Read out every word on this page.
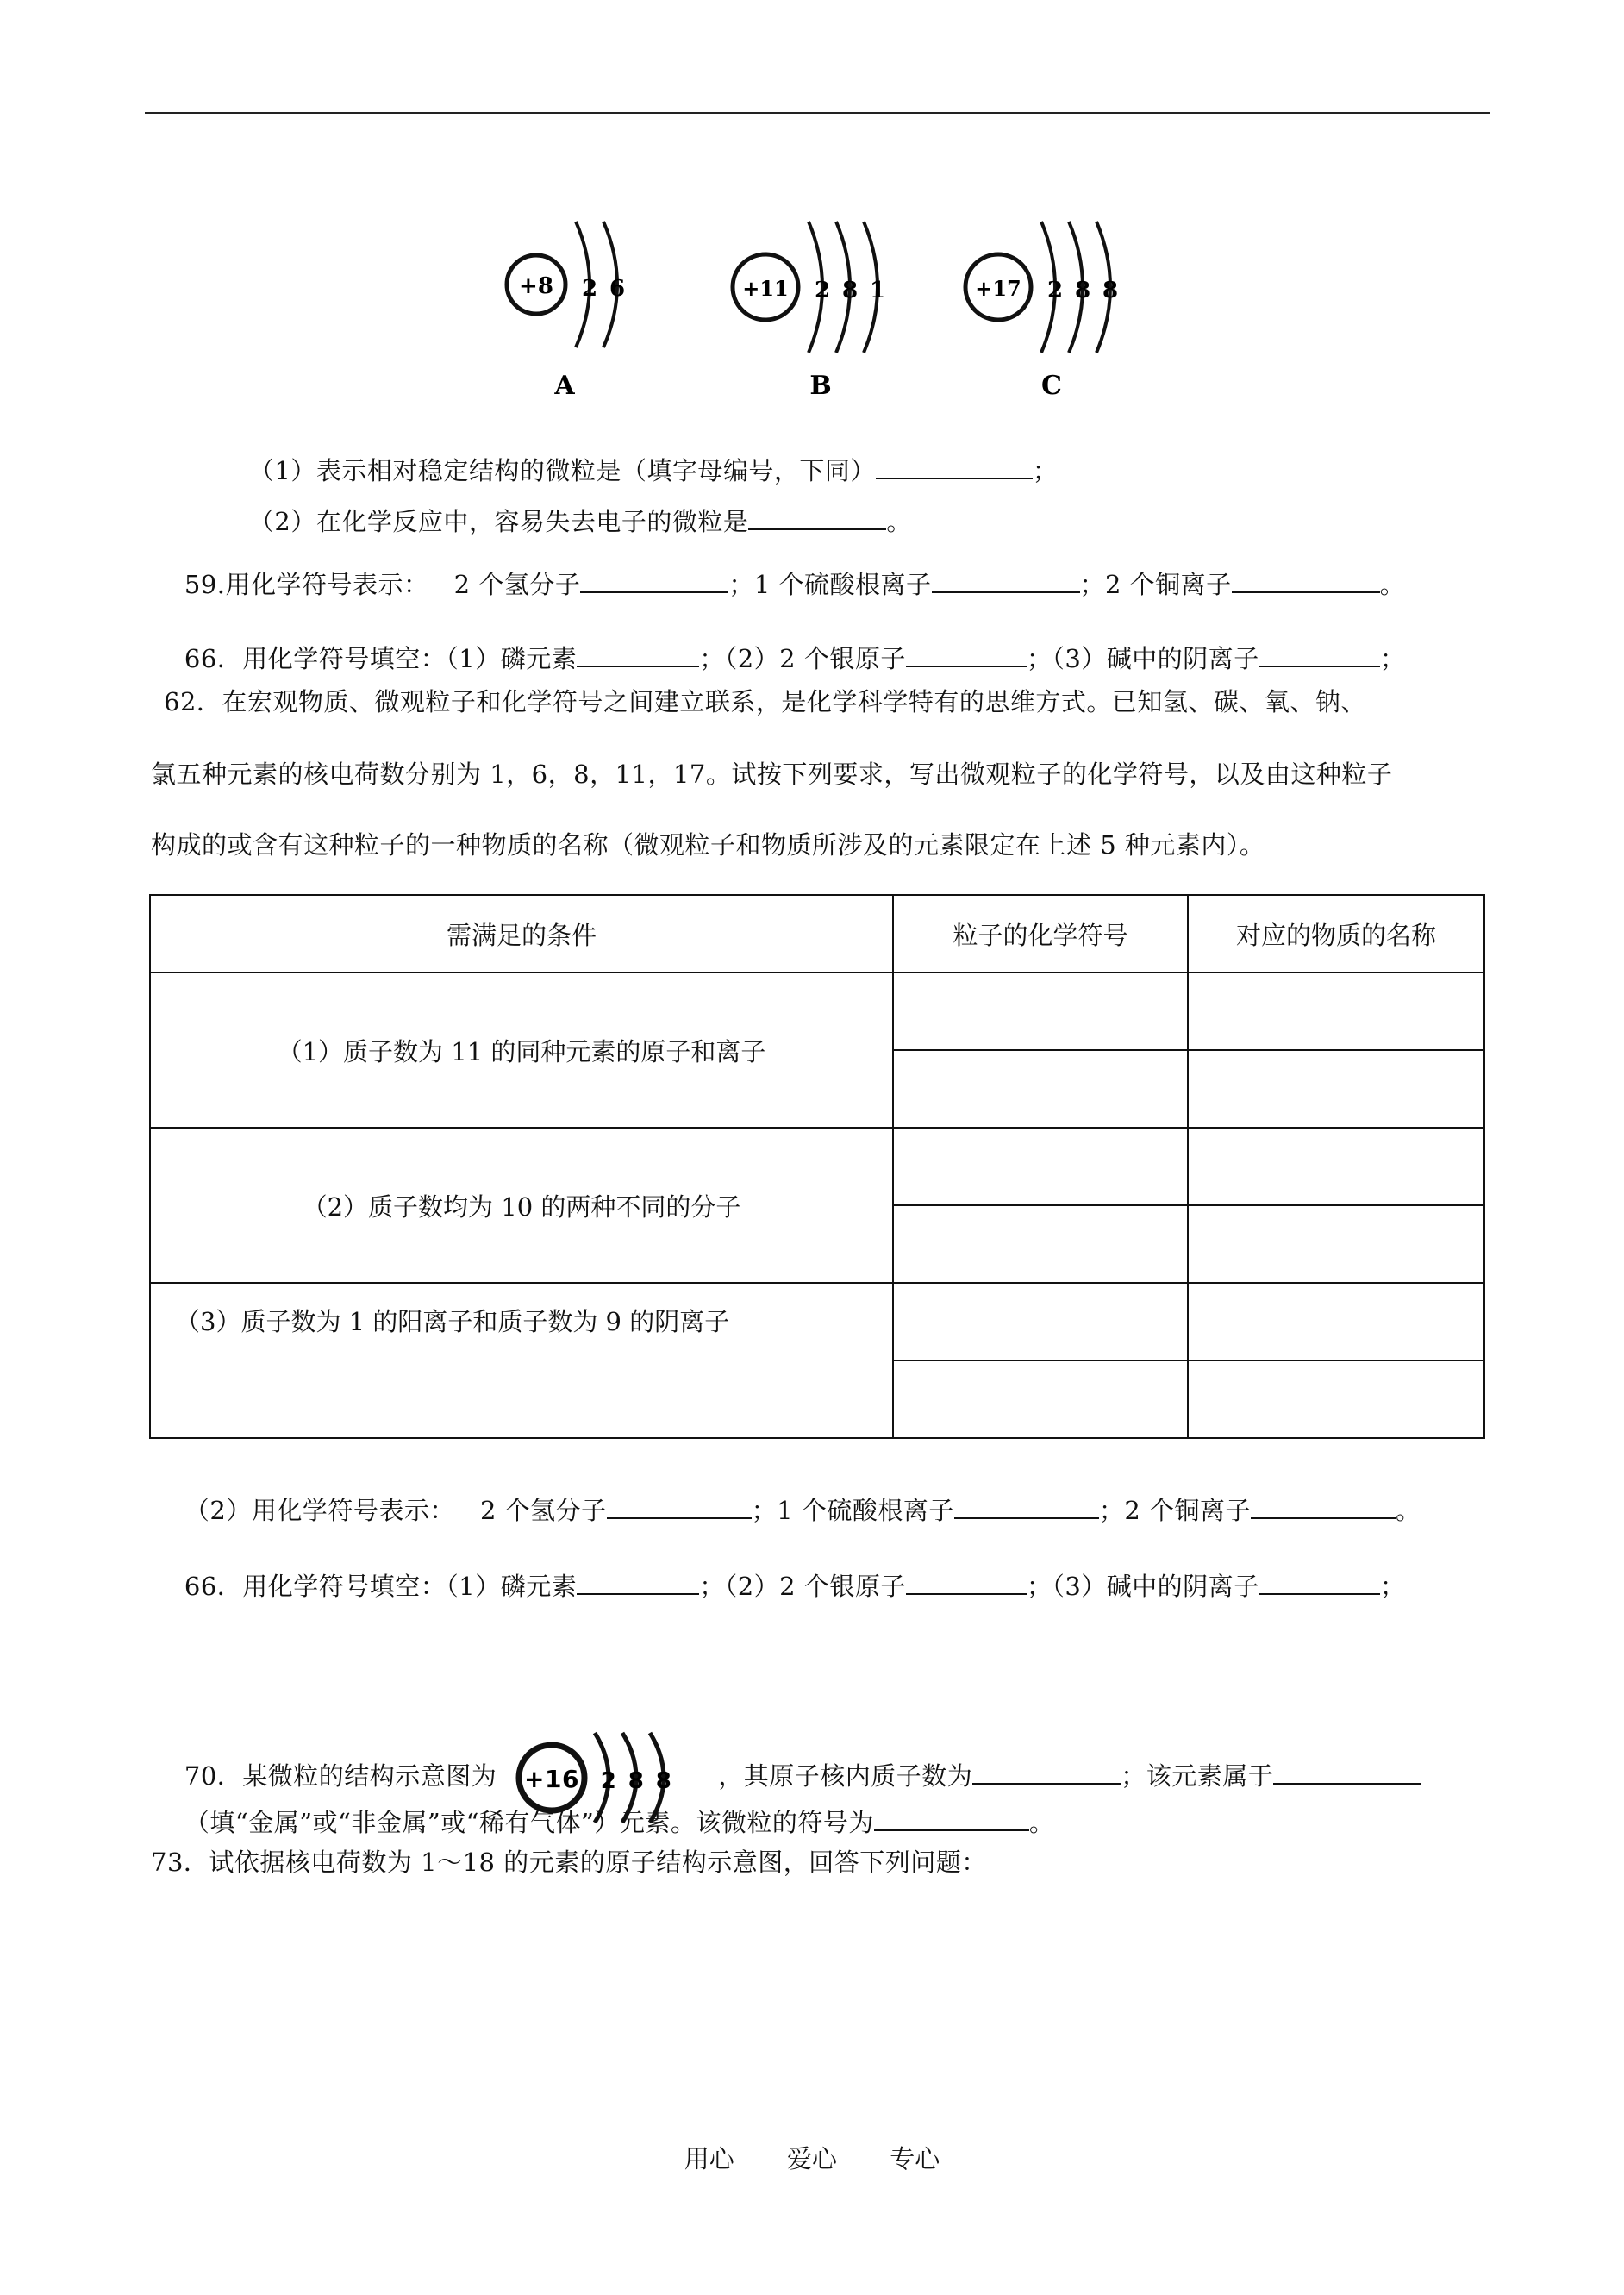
+8 2 6
A
+11 2 8 1
B
+17 2 8 8
C

（1）表示相对稳定结构的微粒是（填字母编号，下同）	；

（2）在化学反应中，容易失去电子的微粒是	。

59.用化学符号表示：   2 个氢分子	；1 个硫酸根离子	；2 个铜离子	。

66．用化学符号填空：（1）磷元素	；（2）2 个银原子	；（3）碱中的阴离子	；

62．在宏观物质、微观粒子和化学符号之间建立联系，是化学科学特有的思维方式。已知氢、碳、氧、钠、
氯五种元素的核电荷数分别为 1，6，8，11，17。试按下列要求，写出微观粒子的化学符号，以及由这种粒子
构成的或含有这种粒子的一种物质的名称（微观粒子和物质所涉及的元素限定在上述 5 种元素内）。
需满足的条件	粒子的化学符号	对应的物质的名称
（1）质子数为 11 的同种元素的原子和离子		

（2）质子数均为 10 的两种不同的分子		

（3）质子数为 1 的阳离子和质子数为 9 的阴离子		

（2）用化学符号表示：   2 个氢分子	；1 个硫酸根离子	；2 个铜离子	。

66．用化学符号填空：（1）磷元素	；（2）2 个银原子	；（3）碱中的阴离子	；

70．某微粒的结构示意图为 +16 2 8 8 ，其原子核内质子数为	；该元素属于

（填“金属”或“非金属”或“稀有气体”）元素。该微粒的符号为	。

73．试依据核电荷数为 1～18 的元素的原子结构示意图，回答下列问题：
用心 爱心 专心
